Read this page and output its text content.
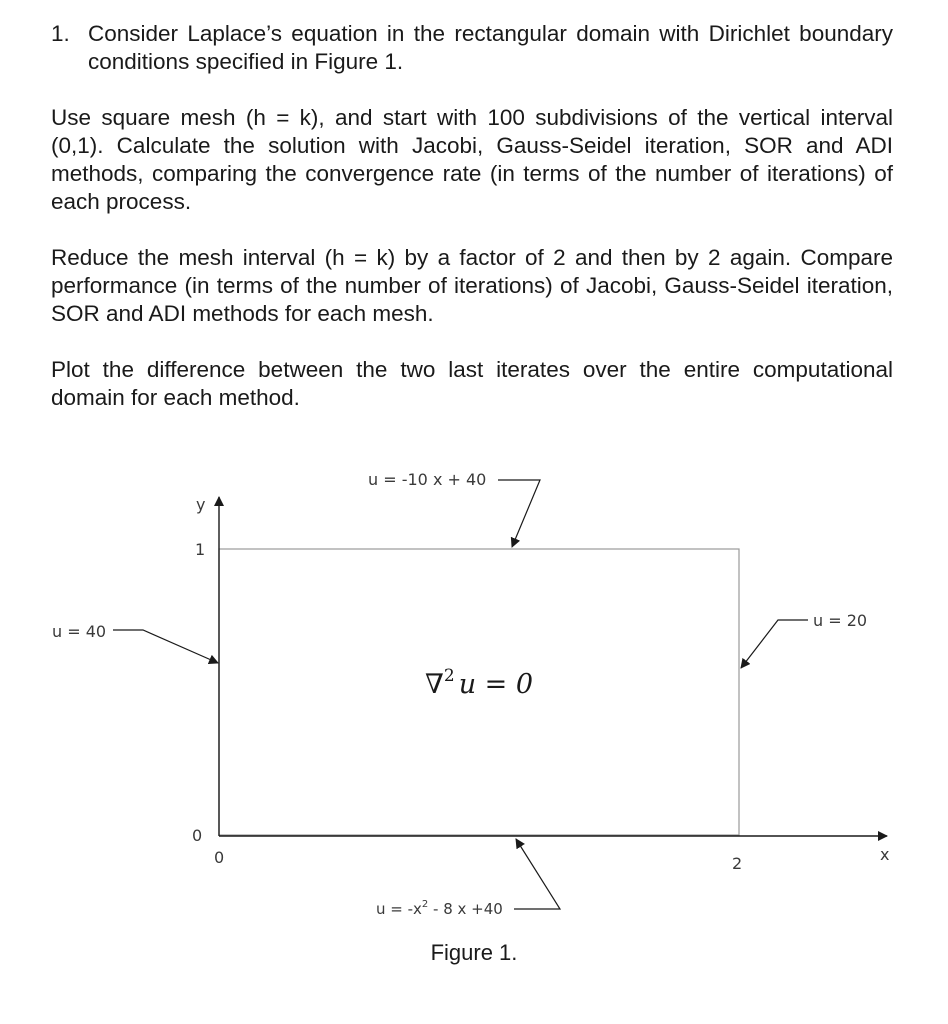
1. Consider Laplace’s equation in the rectangular domain with Dirichlet boundary conditions specified in Figure 1.
Use square mesh (h = k), and start with 100 subdivisions of the vertical interval (0,1). Calculate the solution with Jacobi, Gauss-Seidel iteration, SOR and ADI methods, comparing the convergence rate (in terms of the number of iterations) of each process.
Reduce the mesh interval (h = k) by a factor of 2 and then by 2 again. Compare performance (in terms of the number of iterations) of Jacobi, Gauss-Seidel iteration, SOR and ADI methods for each mesh.
Plot the difference between the two last iterates over the entire computational domain for each method.
y
x
1
0
0	2
u = -10 x + 40
u = 40
u = 20
$u = -x^2 - 8$ x +40
∇$^2$ u = 0
Figure 1.
